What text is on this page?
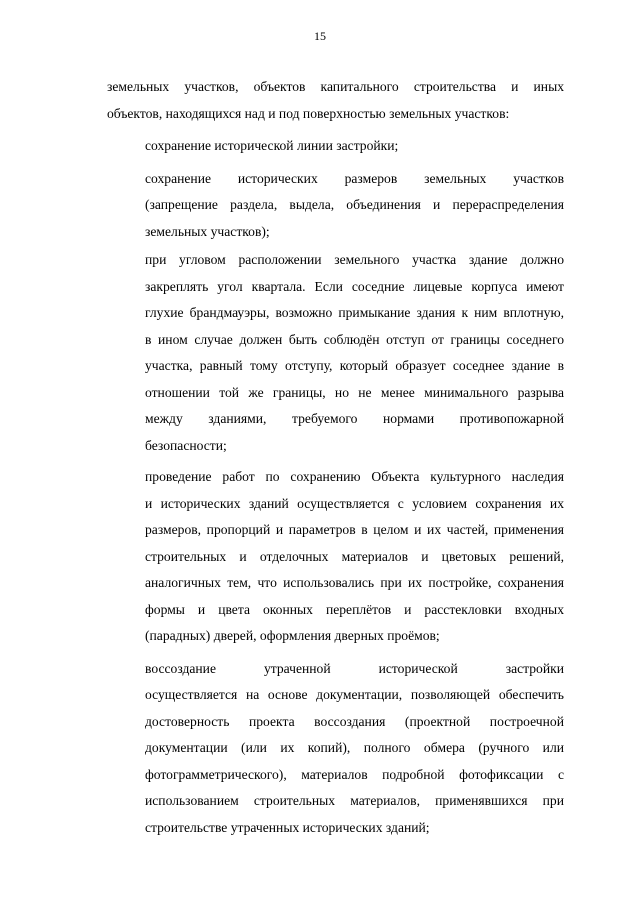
15

земельных участков, объектов капитального строительства и иных
объектов, находящихся над и под поверхностью земельных участков:

сохранение исторической линии застройки;

сохранение исторических размеров земельных участков
(запрещение раздела, выдела, объединения и перераспределения
земельных участков);

при угловом расположении земельного участка здание должно
закреплять угол квартала. Если соседние лицевые корпуса имеют
глухие брандмауэры, возможно примыкание здания к ним вплотную,
в ином случае должен быть соблюдён отступ от границы соседнего
участка, равный тому отступу, который образует соседнее здание в
отношении той же границы, но не менее минимального разрыва
между зданиями, требуемого нормами противопожарной
безопасности;

проведение работ по сохранению Объекта культурного наследия
и исторических зданий осуществляется с условием сохранения их
размеров, пропорций и параметров в целом и их частей, применения
строительных и отделочных материалов и цветовых решений,
аналогичных тем, что использовались при их постройке, сохранения
формы и цвета оконных переплётов и расстекловки входных
(парадных) дверей, оформления дверных проёмов;

воссоздание утраченной исторической застройки
осуществляется на основе документации, позволяющей обеспечить
достоверность проекта воссоздания (проектной построечной
документации (или их копий), полного обмера (ручного или
фотограмметрического), материалов подробной фотофиксации с
использованием строительных материалов, применявшихся при
строительстве утраченных исторических зданий;
